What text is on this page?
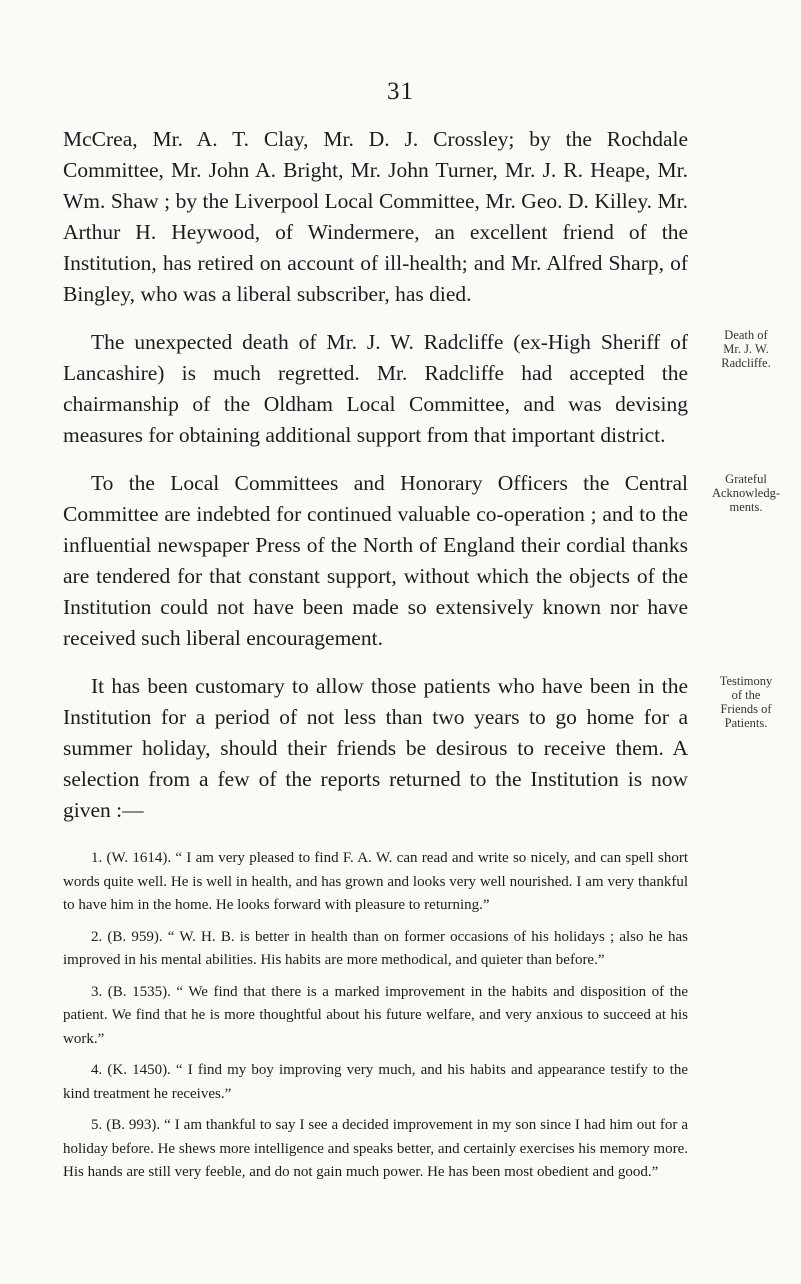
31

McCrea, Mr. A. T. Clay, Mr. D. J. Crossley; by the Rochdale Committee, Mr. John A. Bright, Mr. John Turner, Mr. J. R. Heape, Mr. Wm. Shaw ; by the Liverpool Local Committee, Mr. Geo. D. Killey. Mr. Arthur H. Heywood, of Windermere, an excellent friend of the Institution, has retired on account of ill-health; and Mr. Alfred Sharp, of Bingley, who was a liberal subscriber, has died.

The unexpected death of Mr. J. W. Radcliffe (ex-High Sheriff of Lancashire) is much regretted. Mr. Radcliffe had accepted the chairmanship of the Oldham Local Committee, and was devising measures for obtaining additional support from that important district.

To the Local Committees and Honorary Officers the Central Committee are indebted for continued valuable co-operation ; and to the influential newspaper Press of the North of England their cordial thanks are tendered for that constant support, without which the objects of the Institution could not have been made so extensively known nor have received such liberal encouragement.

It has been customary to allow those patients who have been in the Institution for a period of not less than two years to go home for a summer holiday, should their friends be desirous to receive them. A selection from a few of the reports returned to the Institution is now given :—

1. (W. 1614). “ I am very pleased to find F. A. W. can read and write so nicely, and can spell short words quite well. He is well in health, and has grown and looks very well nourished. I am very thankful to have him in the home. He looks forward with pleasure to returning.”

2. (B. 959). “ W. H. B. is better in health than on former occasions of his holidays ; also he has improved in his mental abilities. His habits are more methodical, and quieter than before.”

3. (B. 1535). “ We find that there is a marked improvement in the habits and disposition of the patient. We find that he is more thoughtful about his future welfare, and very anxious to succeed at his work.”

4. (K. 1450). “ I find my boy improving very much, and his habits and appearance testify to the kind treatment he receives.”

5. (B. 993). “ I am thankful to say I see a decided improvement in my son since I had him out for a holiday before. He shews more intelligence and speaks better, and certainly exercises his memory more. His hands are still very feeble, and do not gain much power. He has been most obedient and good.”

Death of
Mr. J. W.
Radcliffe.
Grateful
Acknowledg-
ments.
Testimony
of the
Friends of
Patients.
